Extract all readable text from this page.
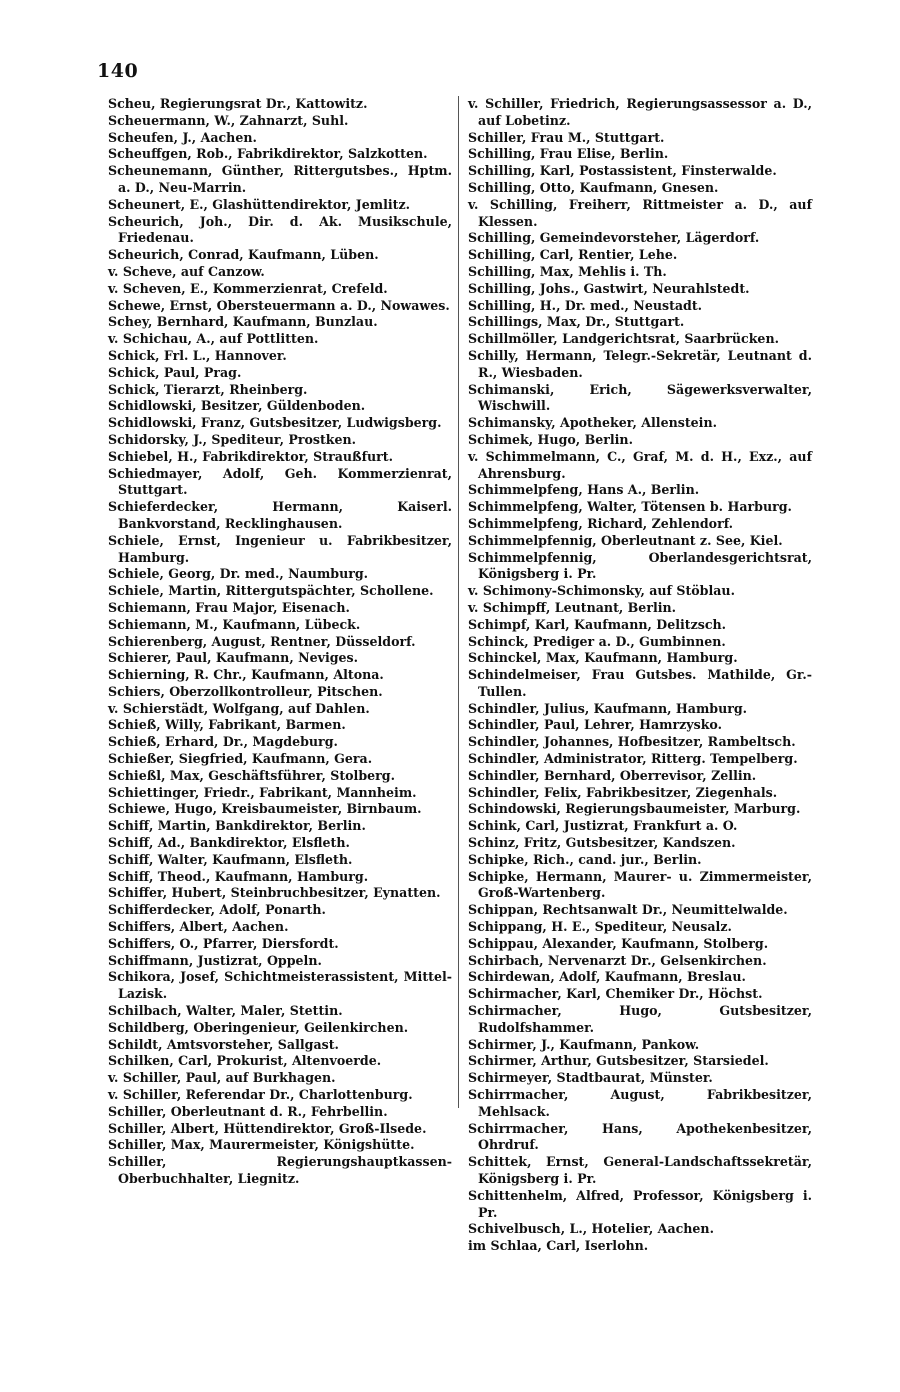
140
Scheu, Regierungsrat Dr., Kattowitz.
Scheuermann, W., Zahnarzt, Suhl.
Scheufen, J., Aachen.
Scheuffgen, Rob., Fabrikdirektor, Salzkotten.
Scheunemann, Günther, Rittergutsbes., Hptm. a. D., Neu-Marrin.
Scheunert, E., Glashüttendirektor, Jemlitz.
Scheurich, Joh., Dir. d. Ak. Musikschule, Friedenau.
Scheurich, Conrad, Kaufmann, Lüben.
v. Scheve, auf Canzow.
v. Scheven, E., Kommerzienrat, Crefeld.
Schewe, Ernst, Obersteuermann a. D., Nowawes.
Schey, Bernhard, Kaufmann, Bunzlau.
v. Schichau, A., auf Pottlitten.
Schick, Frl. L., Hannover.
Schick, Paul, Prag.
Schick, Tierarzt, Rheinberg.
Schidlowski, Besitzer, Güldenboden.
Schidlowski, Franz, Gutsbesitzer, Ludwigsberg.
Schidorsky, J., Spediteur, Prostken.
Schiebel, H., Fabrikdirektor, Straußfurt.
Schiedmayer, Adolf, Geh. Kommerzienrat, Stuttgart.
Schieferdecker, Hermann, Kaiserl. Bankvorstand, Recklinghausen.
Schiele, Ernst, Ingenieur u. Fabrikbesitzer, Hamburg.
Schiele, Georg, Dr. med., Naumburg.
Schiele, Martin, Rittergutspächter, Schollene.
Schiemann, Frau Major, Eisenach.
Schiemann, M., Kaufmann, Lübeck.
Schierenberg, August, Rentner, Düsseldorf.
Schierer, Paul, Kaufmann, Neviges.
Schierning, R. Chr., Kaufmann, Altona.
Schiers, Oberzollkontrolleur, Pitschen.
v. Schierstädt, Wolfgang, auf Dahlen.
Schieß, Willy, Fabrikant, Barmen.
Schieß, Erhard, Dr., Magdeburg.
Schießer, Siegfried, Kaufmann, Gera.
Schießl, Max, Geschäftsführer, Stolberg.
Schiettinger, Friedr., Fabrikant, Mannheim.
Schiewe, Hugo, Kreisbaumeister, Birnbaum.
Schiff, Martin, Bankdirektor, Berlin.
Schiff, Ad., Bankdirektor, Elsfleth.
Schiff, Walter, Kaufmann, Elsfleth.
Schiff, Theod., Kaufmann, Hamburg.
Schiffer, Hubert, Steinbruchbesitzer, Eynatten.
Schifferdecker, Adolf, Ponarth.
Schiffers, Albert, Aachen.
Schiffers, O., Pfarrer, Diersfordt.
Schiffmann, Justizrat, Oppeln.
Schikora, Josef, Schichtmeisterassistent, Mittel-Lazisk.
Schilbach, Walter, Maler, Stettin.
Schildberg, Oberingenieur, Geilenkirchen.
Schildt, Amtsvorsteher, Sallgast.
Schilken, Carl, Prokurist, Altenvoerde.
v. Schiller, Paul, auf Burkhagen.
v. Schiller, Referendar Dr., Charlottenburg.
Schiller, Oberleutnant d. R., Fehrbellin.
Schiller, Albert, Hüttendirektor, Groß-Ilsede.
Schiller, Max, Maurermeister, Königshütte.
Schiller, Regierungshauptkassen-Oberbuchhalter, Liegnitz.
v. Schiller, Friedrich, Regierungsassessor a. D., auf Lobetinz.
Schiller, Frau M., Stuttgart.
Schilling, Frau Elise, Berlin.
Schilling, Karl, Postassistent, Finsterwalde.
Schilling, Otto, Kaufmann, Gnesen.
v. Schilling, Freiherr, Rittmeister a. D., auf Klessen.
Schilling, Gemeindevorsteher, Lägerdorf.
Schilling, Carl, Rentier, Lehe.
Schilling, Max, Mehlis i. Th.
Schilling, Johs., Gastwirt, Neurahlstedt.
Schilling, H., Dr. med., Neustadt.
Schillings, Max, Dr., Stuttgart.
Schillmöller, Landgerichtsrat, Saarbrücken.
Schilly, Hermann, Telegr.-Sekretär, Leutnant d. R., Wiesbaden.
Schimanski, Erich, Sägewerksverwalter, Wischwill.
Schimansky, Apotheker, Allenstein.
Schimek, Hugo, Berlin.
v. Schimmelmann, C., Graf, M. d. H., Exz., auf Ahrensburg.
Schimmelpfeng, Hans A., Berlin.
Schimmelpfeng, Walter, Tötensen b. Harburg.
Schimmelpfeng, Richard, Zehlendorf.
Schimmelpfennig, Oberleutnant z. See, Kiel.
Schimmelpfennig, Oberlandesgerichtsrat, Königsberg i. Pr.
v. Schimony-Schimonsky, auf Stöblau.
v. Schimpff, Leutnant, Berlin.
Schimpf, Karl, Kaufmann, Delitzsch.
Schinck, Prediger a. D., Gumbinnen.
Schinckel, Max, Kaufmann, Hamburg.
Schindelmeiser, Frau Gutsbes. Mathilde, Gr.-Tullen.
Schindler, Julius, Kaufmann, Hamburg.
Schindler, Paul, Lehrer, Hamrzysko.
Schindler, Johannes, Hofbesitzer, Rambeltsch.
Schindler, Administrator, Ritterg. Tempelberg.
Schindler, Bernhard, Oberrevisor, Zellin.
Schindler, Felix, Fabrikbesitzer, Ziegenhals.
Schindowski, Regierungsbaumeister, Marburg.
Schink, Carl, Justizrat, Frankfurt a. O.
Schinz, Fritz, Gutsbesitzer, Kandszen.
Schipke, Rich., cand. jur., Berlin.
Schipke, Hermann, Maurer- u. Zimmermeister, Groß-Wartenberg.
Schippan, Rechtsanwalt Dr., Neumittelwalde.
Schippang, H. E., Spediteur, Neusalz.
Schippau, Alexander, Kaufmann, Stolberg.
Schirbach, Nervenarzt Dr., Gelsenkirchen.
Schirdewan, Adolf, Kaufmann, Breslau.
Schirmacher, Karl, Chemiker Dr., Höchst.
Schirmacher, Hugo, Gutsbesitzer, Rudolfshammer.
Schirmer, J., Kaufmann, Pankow.
Schirmer, Arthur, Gutsbesitzer, Starsiedel.
Schirmeyer, Stadtbaurat, Münster.
Schirrmacher, August, Fabrikbesitzer, Mehlsack.
Schirrmacher, Hans, Apothekenbesitzer, Ohrdruf.
Schittek, Ernst, General-Landschaftssekretär, Königsberg i. Pr.
Schittenhelm, Alfred, Professor, Königsberg i. Pr.
Schivelbusch, L., Hotelier, Aachen.
im Schlaa, Carl, Iserlohn.
